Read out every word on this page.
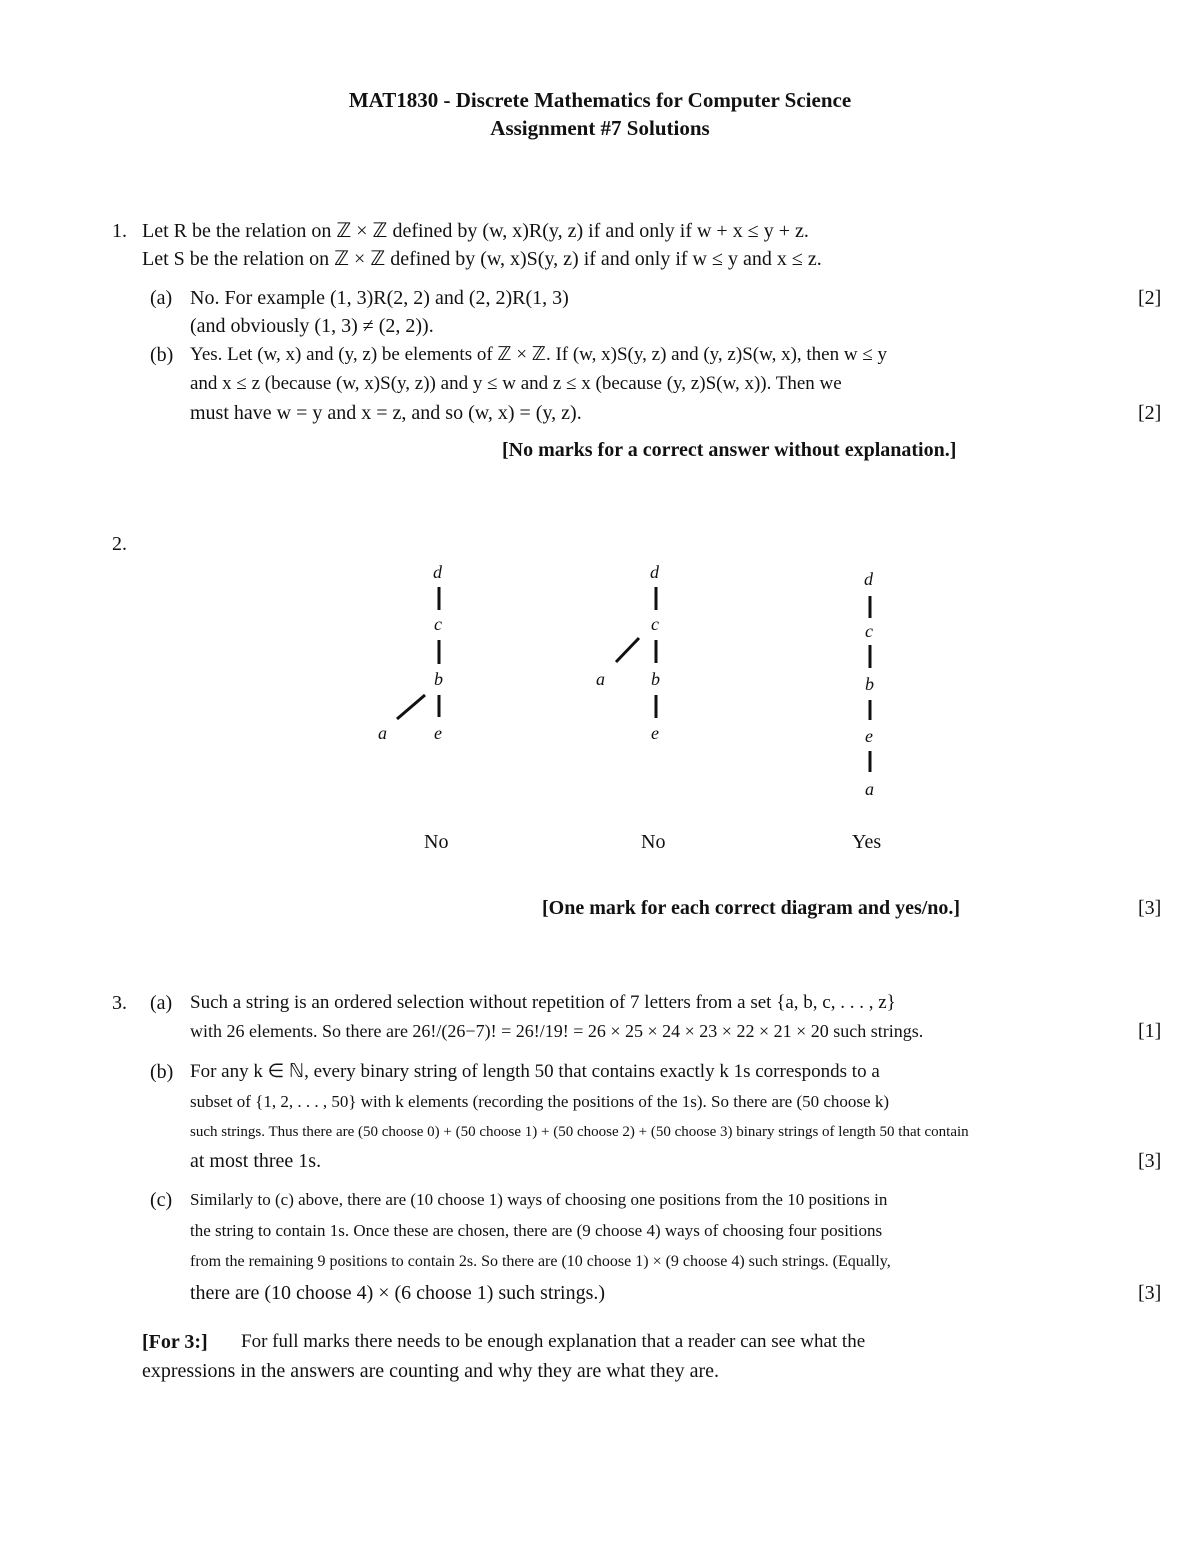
MAT1830 - Discrete Mathematics for Computer Science
Assignment #7 Solutions
1. Let R be the relation on ℤ × ℤ defined by (w, x)R(y, z) if and only if w + x ≤ y + z.
Let S be the relation on ℤ × ℤ defined by (w, x)S(y, z) if and only if w ≤ y and x ≤ z.
(a) No. For example (1, 3)R(2, 2) and (2, 2)R(1, 3)	[2]
(and obviously (1, 3) ≠ (2, 2)).
(b) Yes. Let (w, x) and (y, z) be elements of ℤ × ℤ. If (w, x)S(y, z) and (y, z)S(w, x), then w ≤ y
and x ≤ z (because (w, x)S(y, z)) and y ≤ w and z ≤ x (because (y, z)S(w, x)). Then we
must have w = y and x = z, and so (w, x) = (y, z).	[2]
[No marks for a correct answer without explanation.]
2.
d
c
b
a	e
d
c
a	b
e
d
c
b
e
a
No	No	Yes
[One mark for each correct diagram and yes/no.]	[3]
3. (a) Such a string is an ordered selection without repetition of 7 letters from a set {a, b, c, . . . , z}
with 26 elements. So there are 26!/(26−7)! = 26!/19! = 26 × 25 × 24 × 23 × 22 × 21 × 20 such strings.	[1]
(b) For any k ∈ ℕ, every binary string of length 50 that contains exactly k 1s corresponds to a
subset of {1, 2, . . . , 50} with k elements (recording the positions of the 1s). So there are (50 choose k)
such strings. Thus there are (50 choose 0) + (50 choose 1) + (50 choose 2) + (50 choose 3) binary strings of length 50 that contain
at most three 1s.	[3]
(c) Similarly to (c) above, there are (10 choose 1) ways of choosing one positions from the 10 positions in
the string to contain 1s. Once these are chosen, there are (9 choose 4) ways of choosing four positions
from the remaining 9 positions to contain 2s. So there are (10 choose 1) × (9 choose 4) such strings. (Equally,
there are (10 choose 4) × (6 choose 1) such strings.)	[3]
[For 3:] For full marks there needs to be enough explanation that a reader can see what the
expressions in the answers are counting and why they are what they are.
